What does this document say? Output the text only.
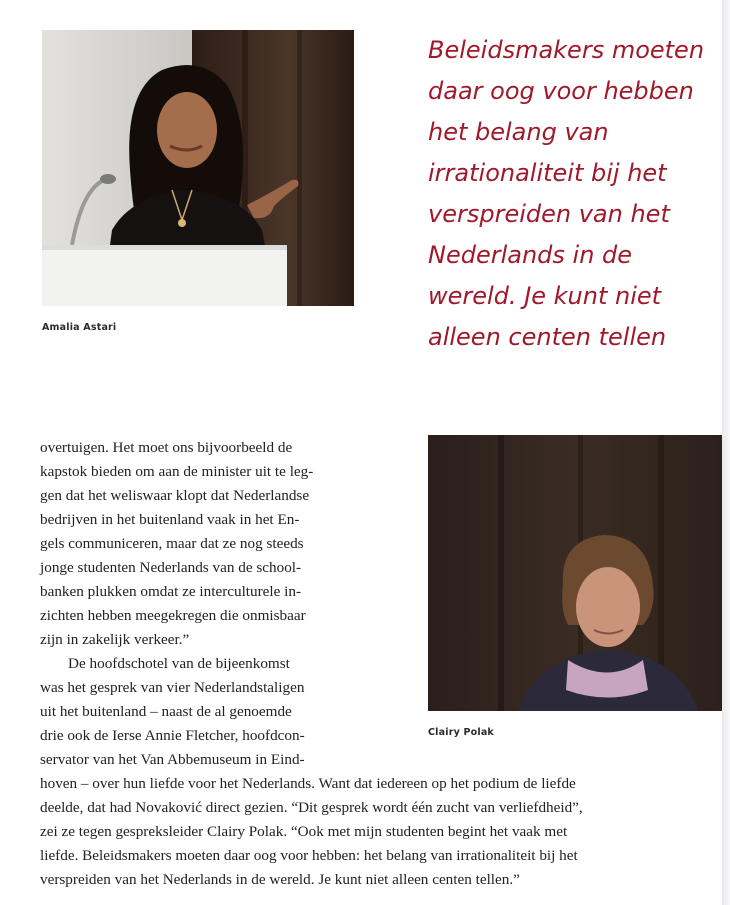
Amalia Astari
Beleidsmakers moeten
daar oog voor hebben
het belang van
irrationaliteit bij het
verspreiden van het
Nederlands in de
wereld. Je kunt niet
alleen centen tellen
Clairy Polak
overtuigen. Het moet ons bijvoorbeeld de
kapstok bieden om aan de minister uit te leg-
gen dat het weliswaar klopt dat Nederlandse
bedrijven in het buitenland vaak in het En-
gels communiceren, maar dat ze nog steeds
jonge studenten Nederlands van de school-
banken plukken omdat ze interculturele in-
zichten hebben meegekregen die onmisbaar
zijn in zakelijk verkeer.”
De hoofdschotel van de bijeenkomst
was het gesprek van vier Nederlandstaligen
uit het buitenland – naast de al genoemde
drie ook de Ierse Annie Fletcher, hoofdcon-
servator van het Van Abbemuseum in Eind-
hoven – over hun liefde voor het Nederlands. Want dat iedereen op het podium de liefde
deelde, dat had Novaković direct gezien. “Dit gesprek wordt één zucht van verliefdheid”,
zei ze tegen gespreksleider Clairy Polak. “Ook met mijn studenten begint het vaak met
liefde. Beleidsmakers moeten daar oog voor hebben: het belang van irrationaliteit bij het
verspreiden van het Nederlands in de wereld. Je kunt niet alleen centen tellen.”
